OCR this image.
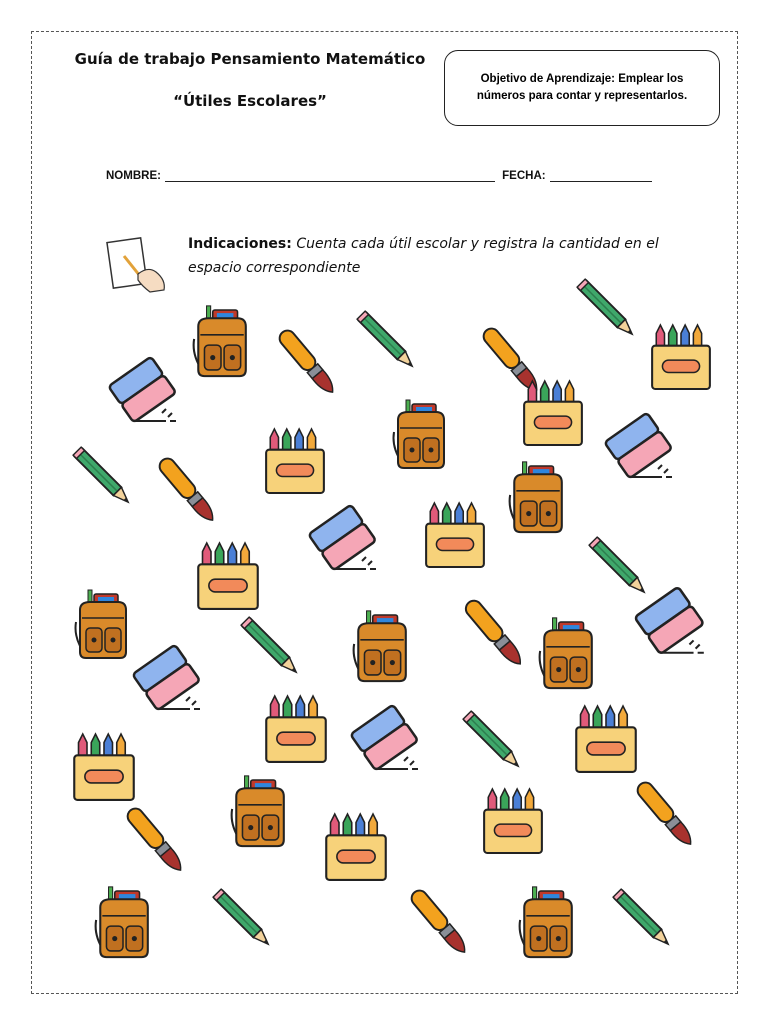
Guía de trabajo Pensamiento Matemático
“Útiles Escolares”
Objetivo de Aprendizaje: Emplear los números para contar y representarlos.
NOMBRE:	FECHA:
Indicaciones: Cuenta cada útil escolar y registra la cantidad en el espacio correspondiente
